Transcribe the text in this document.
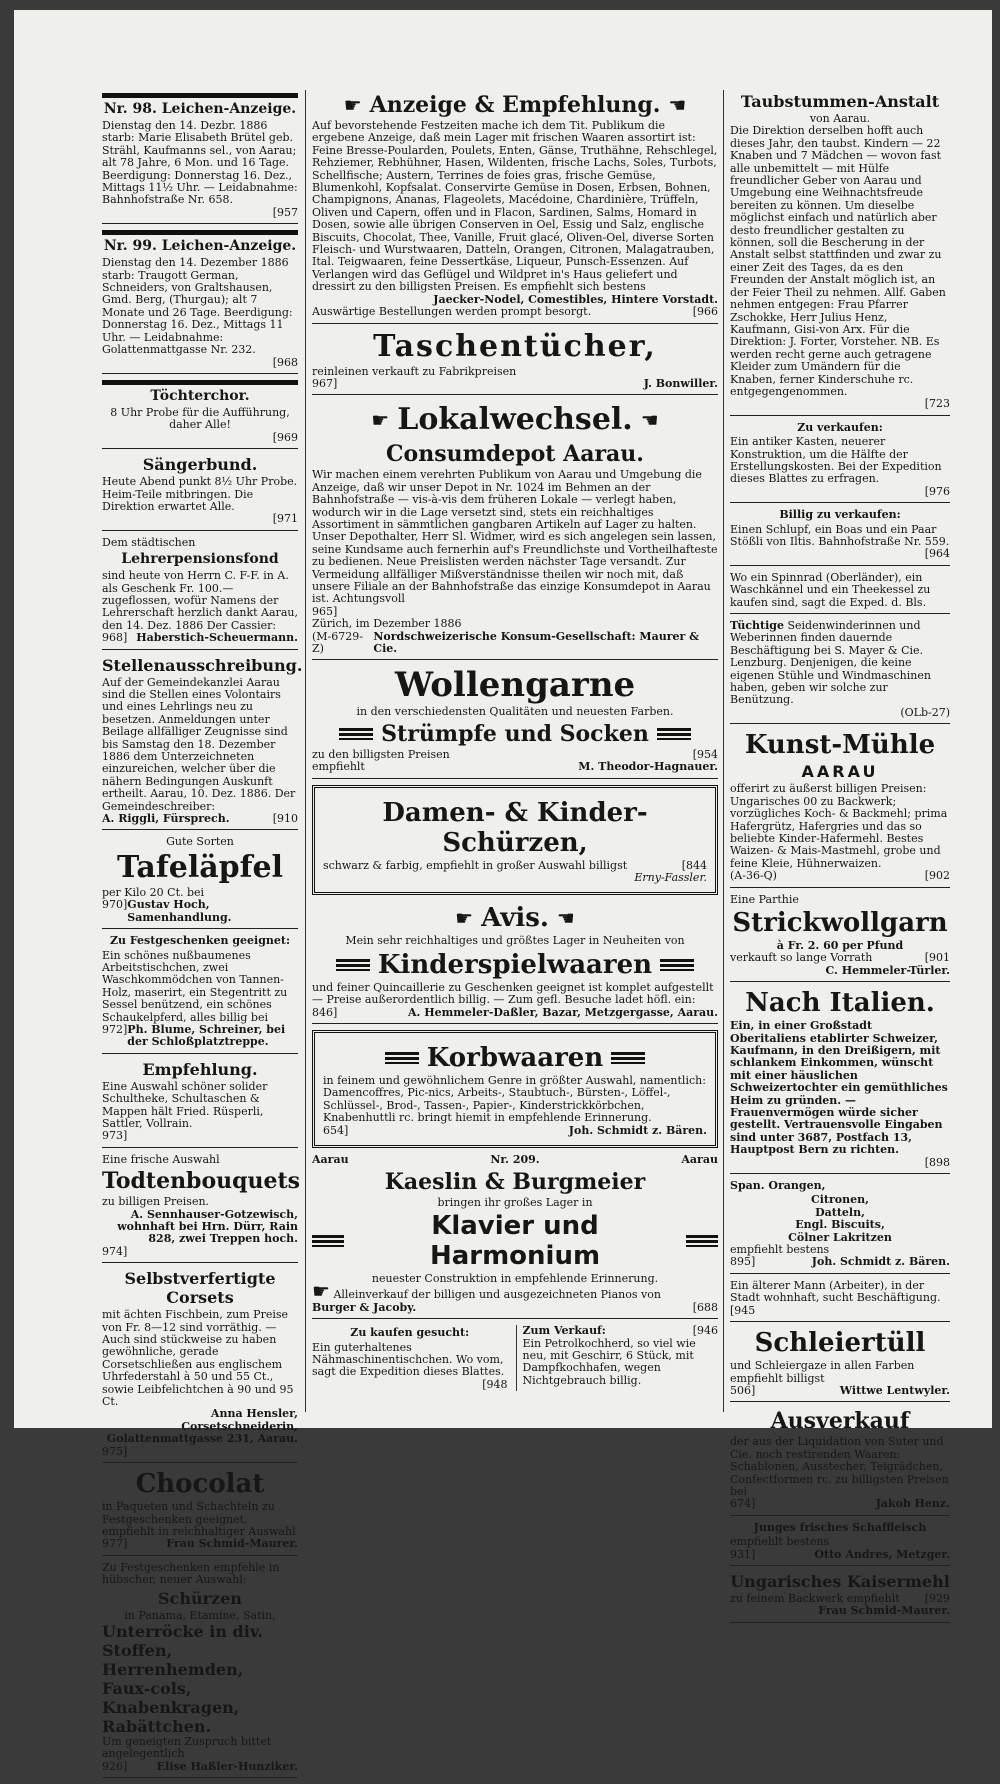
Nr. 98. Leichen-Anzeige.
Dienstag den 14. Dezbr. 1886 starb: Marie Elisabeth Brütel geb. Strähl, Kaufmanns sel., von Aarau; alt 78 Jahre, 6 Mon. und 16 Tage. Beerdigung: Donnerstag 16. Dez., Mittags 11½ Uhr. — Leidabnahme: Bahnhofstraße Nr. 658.
[957
Nr. 99. Leichen-Anzeige.
Dienstag den 14. Dezember 1886 starb: Traugott German, Schneiders, von Graltshausen, Gmd. Berg, (Thurgau); alt 7 Monate und 26 Tage. Beerdigung: Donnerstag 16. Dez., Mittags 11 Uhr. — Leidabnahme: Golattenmattgasse Nr. 232.
[968
Töchterchor.
8 Uhr Probe für die Aufführung, daher Alle!
[969
Sängerbund.
Heute Abend punkt 8½ Uhr Probe. Heim-Teile mitbringen. Die Direktion erwartet Alle.
[971
Dem städtischen
Lehrerpensionsfond
sind heute von Herrn C. F-F. in A. als Geschenk Fr. 100.— zugeflossen, wofür Namens der Lehrerschaft herzlich dankt Aarau, den 14. Dez. 1886 Der Cassier:
968] Haberstich-Scheuermann.
Stellenausschreibung.
Auf der Gemeindekanzlei Aarau sind die Stellen eines Volontairs und eines Lehrlings neu zu besetzen. Anmeldungen unter Beilage allfälliger Zeugnisse sind bis Samstag den 18. Dezember 1886 dem Unterzeichneten einzureichen, welcher über die nähern Bedingungen Auskunft ertheilt. Aarau, 10. Dez. 1886. Der Gemeindeschreiber:
A. Riggli, Fürsprech.	[910
Gute Sorten
Tafeläpfel
per Kilo 20 Ct. bei
970] Gustav Hoch, Samenhandlung.
Zu Festgeschenken geeignet:
Ein schönes nußbaumenes Arbeitstischchen, zwei Waschkommödchen von Tannen-Holz, maserirt, ein Stegentritt zu Sessel benützend, ein schönes Schaukelpferd, alles billig bei
972] Ph. Blume, Schreiner, bei der Schloßplatztreppe.
Empfehlung.
Eine Auswahl schöner solider Schultheke, Schultaschen & Mappen hält Fried. Rüsperli, Sattler, Vollrain.
973]
Eine frische Auswahl
Todtenbouquets
zu billigen Preisen.
A. Sennhauser-Gotzewisch, wohnhaft bei Hrn. Dürr, Rain 828, zwei Treppen hoch.
974]
Selbstverfertigte Corsets
mit ächten Fischbein, zum Preise von Fr. 8—12 sind vorräthig. — Auch sind stückweise zu haben gewöhnliche, gerade Corsetschließen aus englischem Uhrfederstahl à 50 und 55 Ct., sowie Leibfelichtchen à 90 und 95 Ct.
Anna Hensler, Corsetschneiderin, Golattenmattgasse 231, Aarau.
975]
Chocolat
in Paqueten und Schachteln zu Festgeschenken geeignet, empfiehlt in reichhaltiger Auswahl
977]	Frau Schmid-Maurer.
Zu Festgeschenken empfehle in hübscher, neuer Auswahl:
Schürzen
in Panama, Etamine, Satin,
Unterröcke in div. Stoffen,
Herrenhemden,
Faux-cols,
Knabenkragen,
Rabättchen.
Um geneigten Zuspruch bittet angelegentlich
926]	Elise Haßler-Hunziker.
☛ Anzeige & Empfehlung. ☚
Auf bevorstehende Festzeiten mache ich dem Tit. Publikum die ergebene Anzeige, daß mein Lager mit frischen Waaren assortirt ist: Feine Bresse-Poularden, Poulets, Enten, Gänse, Truthähne, Rehschlegel, Rehziemer, Rebhühner, Hasen, Wildenten, frische Lachs, Soles, Turbots, Schellfische; Austern, Terrines de foies gras, frische Gemüse, Blumenkohl, Kopfsalat. Conservirte Gemüse in Dosen, Erbsen, Bohnen, Champignons, Ananas, Flageolets, Macédoine, Chardinière, Trüffeln, Oliven und Capern, offen und in Flacon, Sardinen, Salms, Homard in Dosen, sowie alle übrigen Conserven in Oel, Essig und Salz, englische Biscuits, Chocolat, Thee, Vanille, Fruit glacé, Oliven-Oel, diverse Sorten Fleisch- und Wurstwaaren, Datteln, Orangen, Citronen, Malagatrauben, Ital. Teigwaaren, feine Dessertkäse, Liqueur, Punsch-Essenzen. Auf Verlangen wird das Geflügel und Wildpret in's Haus geliefert und dressirt zu den billigsten Preisen. Es empfiehlt sich bestens
Jaecker-Nodel, Comestibles, Hintere Vorstadt.
Auswärtige Bestellungen werden prompt besorgt.	[966
Taschentücher,
reinleinen verkauft zu Fabrikpreisen
967]	J. Bonwiller.
☛ Lokalwechsel. ☚
Consumdepot Aarau.
Wir machen einem verehrten Publikum von Aarau und Umgebung die Anzeige, daß wir unser Depot in Nr. 1024 im Behmen an der Bahnhofstraße — vis-à-vis dem früheren Lokale — verlegt haben, wodurch wir in die Lage versetzt sind, stets ein reichhaltiges Assortiment in sämmtlichen gangbaren Artikeln auf Lager zu halten. Unser Depothalter, Herr Sl. Widmer, wird es sich angelegen sein lassen, seine Kundsame auch fernerhin auf's Freundlichste und Vortheilhafteste zu bedienen. Neue Preislisten werden nächster Tage versandt. Zur Vermeidung allfälliger Mißverständnisse theilen wir noch mit, daß unsere Filiale an der Bahnhofstraße das einzige Konsumdepot in Aarau ist. Achtungsvoll
965]
Zürich, im Dezember 1886
(M-6729-Z)
Nordschweizerische Konsum-Gesellschaft: Maurer & Cie.
Wollengarne
in den verschiedensten Qualitäten und neuesten Farben.
Strümpfe und Socken
zu den billigsten Preisen	[954
empfiehlt	M. Theodor-Hagnauer.
Damen- & Kinder-Schürzen,
schwarz & farbig, empfiehlt in großer Auswahl billigst	[844
Erny-Fassler.
☛ Avis. ☚
Mein sehr reichhaltiges und größtes Lager in Neuheiten von
Kinderspielwaaren
und feiner Quincaillerie zu Geschenken geeignet ist komplet aufgestellt — Preise außerordentlich billig. — Zum gefl. Besuche ladet höfl. ein:
846]	A. Hemmeler-Daßler, Bazar, Metzgergasse, Aarau.
Korbwaaren
in feinem und gewöhnlichem Genre in größter Auswahl, namentlich: Damencoffres, Pic-nics, Arbeits-, Staubtuch-, Bürsten-, Löffel-, Schlüssel-, Brod-, Tassen-, Papier-, Kinderstrickkörbchen, Knabenhuttli rc. bringt hiemit in empfehlende Erinnerung.
654]	Joh. Schmidt z. Bären.
Aarau	Nr. 209.	Aarau
Kaeslin & Burgmeier
bringen ihr großes Lager in
Klavier und Harmonium
neuester Construktion in empfehlende Erinnerung.
☛ Alleinverkauf der billigen und ausgezeichneten Pianos von
Burger & Jacoby.	[688
Zu kaufen gesucht:
Ein guterhaltenes Nähmaschinentischchen. Wo vom, sagt die Expedition dieses Blattes.
[948
Zum Verkauf:	[946
Ein Petrolkochherd, so viel wie neu, mit Geschirr, 6 Stück, mit Dampfkochhafen, wegen Nichtgebrauch billig.
Taubstummen-Anstalt
von Aarau.
Die Direktion derselben hofft auch dieses Jahr, den taubst. Kindern — 22 Knaben und 7 Mädchen — wovon fast alle unbemittelt — mit Hülfe freundlicher Geber von Aarau und Umgebung eine Weihnachtsfreude bereiten zu können. Um dieselbe möglichst einfach und natürlich aber desto freundlicher gestalten zu können, soll die Bescherung in der Anstalt selbst stattfinden und zwar zu einer Zeit des Tages, da es den Freunden der Anstalt möglich ist, an der Feier Theil zu nehmen. Allf. Gaben nehmen entgegen: Frau Pfarrer Zschokke, Herr Julius Henz, Kaufmann, Gisi-von Arx. Für die Direktion: J. Forter, Vorsteher. NB. Es werden recht gerne auch getragene Kleider zum Umändern für die Knaben, ferner Kinderschuhe rc. entgegengenommen.
[723
Zu verkaufen:
Ein antiker Kasten, neuerer Konstruktion, um die Hälfte der Erstellungskosten. Bei der Expedition dieses Blattes zu erfragen.
[976
Billig zu verkaufen:
Einen Schlupf, ein Boas und ein Paar Stößli von Iltis. Bahnhofstraße Nr. 559.
[964
Wo ein Spinnrad (Oberländer), ein Waschkännel und ein Theekessel zu kaufen sind, sagt die Exped. d. Bls.
Tüchtige Seidenwinderinnen und Weberinnen finden dauernde Beschäftigung bei S. Mayer & Cie. Lenzburg. Denjenigen, die keine eigenen Stühle und Windmaschinen haben, geben wir solche zur Benützung.
(OLb-27)
Kunst-Mühle
AARAU
offerirt zu äußerst billigen Preisen: Ungarisches 00 zu Backwerk; vorzügliches Koch- & Backmehl; prima Hafergrütz, Hafergries und das so beliebte Kinder-Hafermehl. Bestes Waizen- & Mais-Mastmehl, grobe und feine Kleie, Hühnerwaizen.
(A-36-Q)	[902
Eine Parthie
Strickwollgarn
à Fr. 2. 60 per Pfund
verkauft so lange Vorrath	[901
C. Hemmeler-Türler.
Nach Italien.
Ein, in einer Großstadt Oberitaliens etablirter Schweizer, Kaufmann, in den Dreißigern, mit schlankem Einkommen, wünscht mit einer häuslichen Schweizertochter ein gemüthliches Heim zu gründen. — Frauenvermögen würde sicher gestellt. Vertrauensvolle Eingaben sind unter 3687, Postfach 13, Hauptpost Bern zu richten.
[898
Span. Orangen,
Citronen,
Datteln,
Engl. Biscuits,
Cölner Lakritzen
empfiehlt bestens
895]	Joh. Schmidt z. Bären.
Ein älterer Mann (Arbeiter), in der Stadt wohnhaft, sucht Beschäftigung. [945
Schleiertüll
und Schleiergaze in allen Farben empfiehlt billigst
506]	Wittwe Lentwyler.
Ausverkauf
der aus der Liquidation von Suter und Cie. noch restirenden Waaren: Schablonen, Ausstecher, Teigrädchen, Confectformen rc. zu billigsten Preisen bei
674]	Jakob Henz.
Junges frisches Schaffleisch
empfiehlt bestens
931]	Otto Andres, Metzger.
Ungarisches Kaisermehl
zu feinem Backwerk empfiehlt [929
Frau Schmid-Maurer.
